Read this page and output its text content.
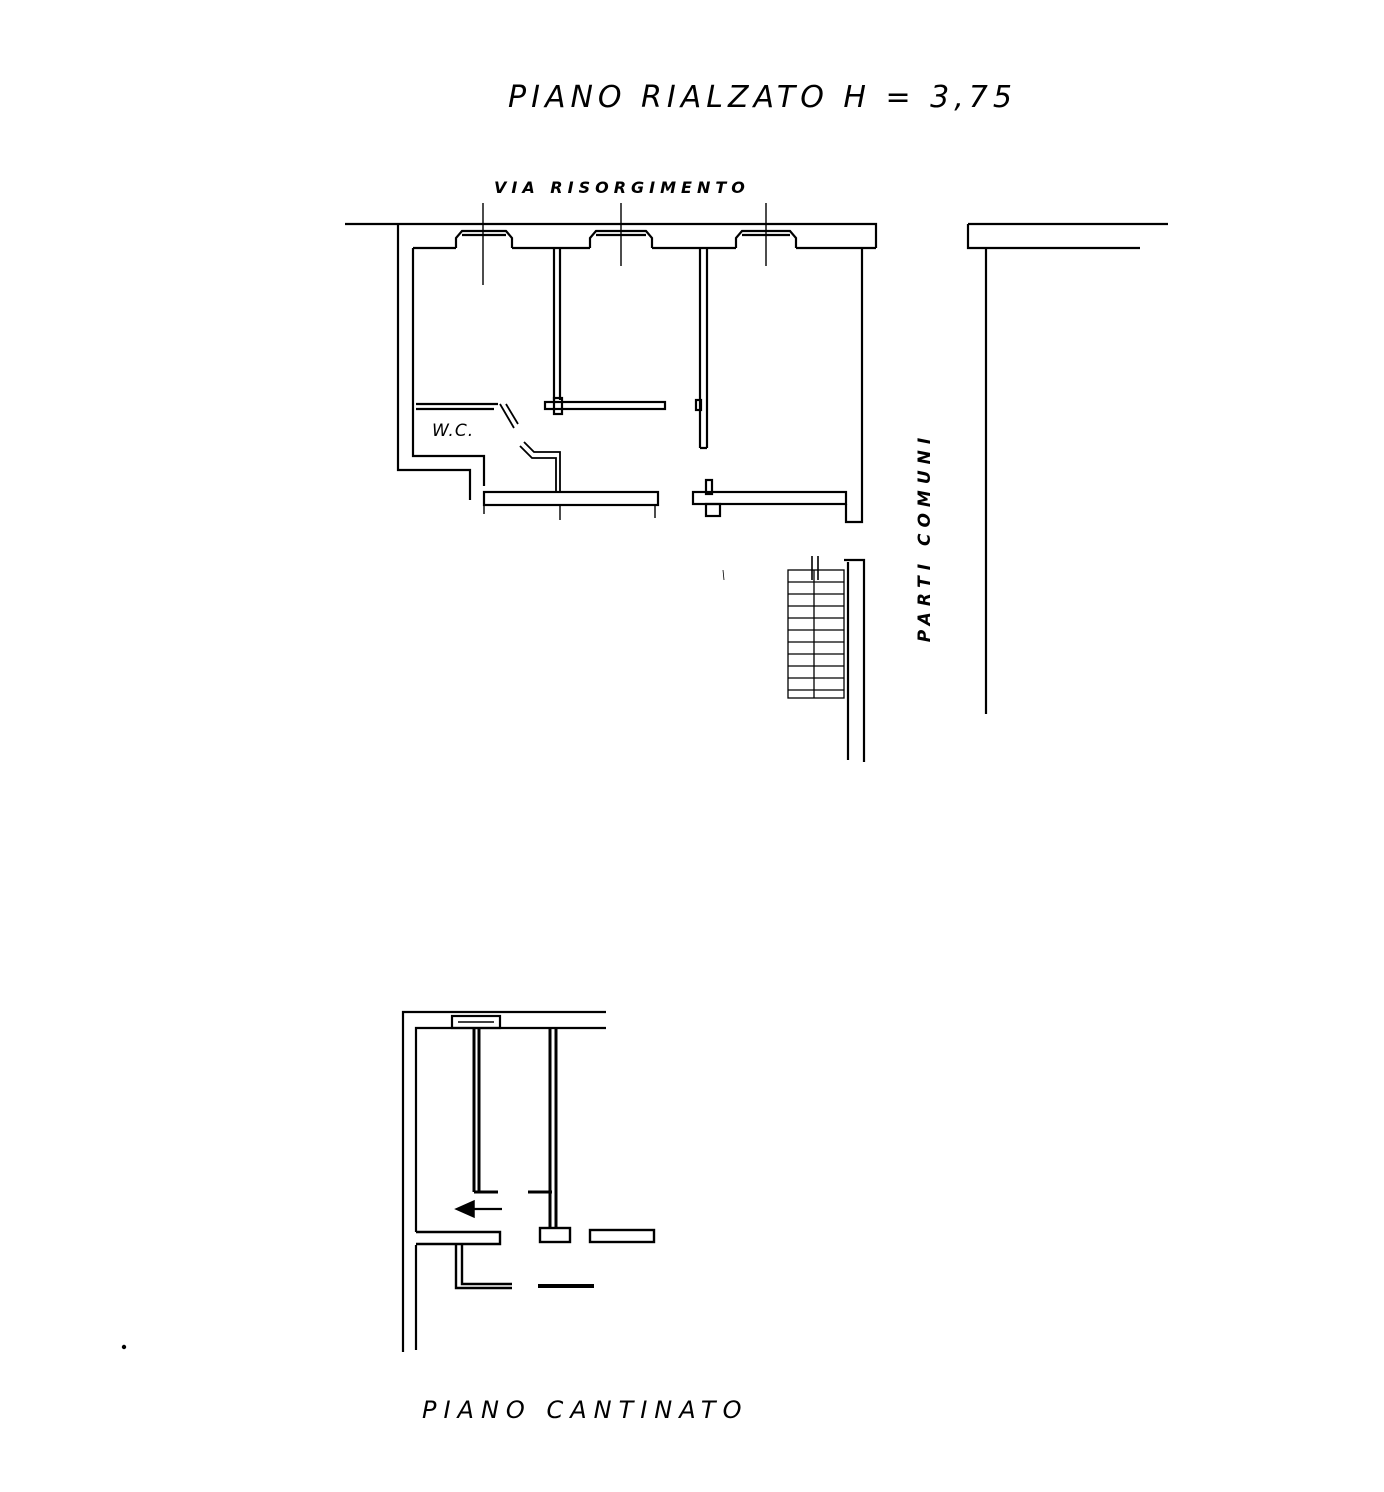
PIANO RIALZATO H = 3,75
VIA RISORGIMENTO
W.C.
PARTI COMUNI
PIANO CANTINATO
